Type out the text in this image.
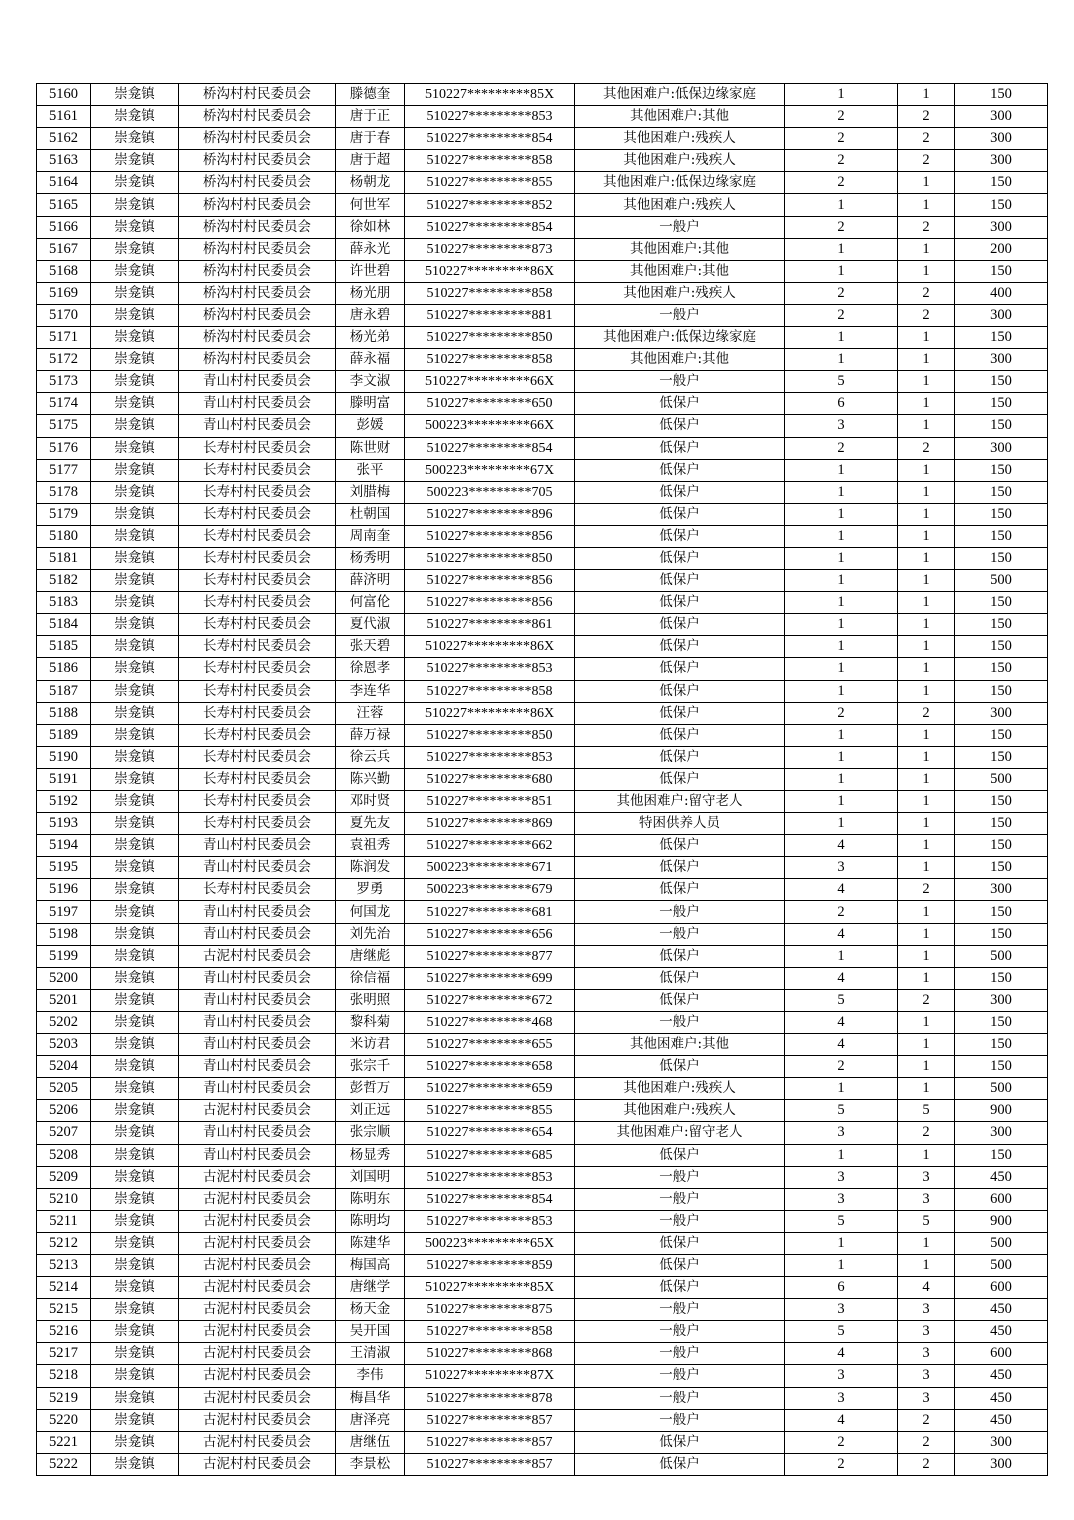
5160	崇龛镇	桥沟村村民委员会	滕德奎	510227*********85X	其他困难户:低保边缘家庭	1	1	150
5161	崇龛镇	桥沟村村民委员会	唐于正	510227*********853	其他困难户:其他	2	2	300
5162	崇龛镇	桥沟村村民委员会	唐于春	510227*********854	其他困难户:残疾人	2	2	300
5163	崇龛镇	桥沟村村民委员会	唐于超	510227*********858	其他困难户:残疾人	2	2	300
5164	崇龛镇	桥沟村村民委员会	杨朝龙	510227*********855	其他困难户:低保边缘家庭	2	1	150
5165	崇龛镇	桥沟村村民委员会	何世军	510227*********852	其他困难户:残疾人	1	1	150
5166	崇龛镇	桥沟村村民委员会	徐如林	510227*********854	一般户	2	2	300
5167	崇龛镇	桥沟村村民委员会	薛永光	510227*********873	其他困难户:其他	1	1	200
5168	崇龛镇	桥沟村村民委员会	许世碧	510227*********86X	其他困难户:其他	1	1	150
5169	崇龛镇	桥沟村村民委员会	杨光朋	510227*********858	其他困难户:残疾人	2	2	400
5170	崇龛镇	桥沟村村民委员会	唐永碧	510227*********881	一般户	2	2	300
5171	崇龛镇	桥沟村村民委员会	杨光弟	510227*********850	其他困难户:低保边缘家庭	1	1	150
5172	崇龛镇	桥沟村村民委员会	薛永福	510227*********858	其他困难户:其他	1	1	300
5173	崇龛镇	青山村村民委员会	李文淑	510227*********66X	一般户	5	1	150
5174	崇龛镇	青山村村民委员会	滕明富	510227*********650	低保户	6	1	150
5175	崇龛镇	青山村村民委员会	彭媛	500223*********66X	低保户	3	1	150
5176	崇龛镇	长寿村村民委员会	陈世财	510227*********854	低保户	2	2	300
5177	崇龛镇	长寿村村民委员会	张平	500223*********67X	低保户	1	1	150
5178	崇龛镇	长寿村村民委员会	刘腊梅	500223*********705	低保户	1	1	150
5179	崇龛镇	长寿村村民委员会	杜朝国	510227*********896	低保户	1	1	150
5180	崇龛镇	长寿村村民委员会	周南奎	510227*********856	低保户	1	1	150
5181	崇龛镇	长寿村村民委员会	杨秀明	510227*********850	低保户	1	1	150
5182	崇龛镇	长寿村村民委员会	薛济明	510227*********856	低保户	1	1	500
5183	崇龛镇	长寿村村民委员会	何富伦	510227*********856	低保户	1	1	150
5184	崇龛镇	长寿村村民委员会	夏代淑	510227*********861	低保户	1	1	150
5185	崇龛镇	长寿村村民委员会	张天碧	510227*********86X	低保户	1	1	150
5186	崇龛镇	长寿村村民委员会	徐恩孝	510227*********853	低保户	1	1	150
5187	崇龛镇	长寿村村民委员会	李连华	510227*********858	低保户	1	1	150
5188	崇龛镇	长寿村村民委员会	汪蓉	510227*********86X	低保户	2	2	300
5189	崇龛镇	长寿村村民委员会	薛万禄	510227*********850	低保户	1	1	150
5190	崇龛镇	长寿村村民委员会	徐云兵	510227*********853	低保户	1	1	150
5191	崇龛镇	长寿村村民委员会	陈兴勤	510227*********680	低保户	1	1	500
5192	崇龛镇	长寿村村民委员会	邓时贤	510227*********851	其他困难户:留守老人	1	1	150
5193	崇龛镇	长寿村村民委员会	夏先友	510227*********869	特困供养人员	1	1	150
5194	崇龛镇	青山村村民委员会	袁祖秀	510227*********662	低保户	4	1	150
5195	崇龛镇	青山村村民委员会	陈润发	500223*********671	低保户	3	1	150
5196	崇龛镇	长寿村村民委员会	罗勇	500223*********679	低保户	4	2	300
5197	崇龛镇	青山村村民委员会	何国龙	510227*********681	一般户	2	1	150
5198	崇龛镇	青山村村民委员会	刘先治	510227*********656	一般户	4	1	150
5199	崇龛镇	古泥村村民委员会	唐继彪	510227*********877	低保户	1	1	500
5200	崇龛镇	青山村村民委员会	徐信福	510227*********699	低保户	4	1	150
5201	崇龛镇	青山村村民委员会	张明照	510227*********672	低保户	5	2	300
5202	崇龛镇	青山村村民委员会	黎科菊	510227*********468	一般户	4	1	150
5203	崇龛镇	青山村村民委员会	米访君	510227*********655	其他困难户:其他	4	1	150
5204	崇龛镇	青山村村民委员会	张宗千	510227*********658	低保户	2	1	150
5205	崇龛镇	青山村村民委员会	彭哲万	510227*********659	其他困难户:残疾人	1	1	500
5206	崇龛镇	古泥村村民委员会	刘正远	510227*********855	其他困难户:残疾人	5	5	900
5207	崇龛镇	青山村村民委员会	张宗顺	510227*********654	其他困难户:留守老人	3	2	300
5208	崇龛镇	青山村村民委员会	杨显秀	510227*********685	低保户	1	1	150
5209	崇龛镇	古泥村村民委员会	刘国明	510227*********853	一般户	3	3	450
5210	崇龛镇	古泥村村民委员会	陈明东	510227*********854	一般户	3	3	600
5211	崇龛镇	古泥村村民委员会	陈明均	510227*********853	一般户	5	5	900
5212	崇龛镇	古泥村村民委员会	陈建华	500223*********65X	低保户	1	1	500
5213	崇龛镇	古泥村村民委员会	梅国高	510227*********859	低保户	1	1	500
5214	崇龛镇	古泥村村民委员会	唐继学	510227*********85X	低保户	6	4	600
5215	崇龛镇	古泥村村民委员会	杨天金	510227*********875	一般户	3	3	450
5216	崇龛镇	古泥村村民委员会	吴开国	510227*********858	一般户	5	3	450
5217	崇龛镇	古泥村村民委员会	王清淑	510227*********868	一般户	4	3	600
5218	崇龛镇	古泥村村民委员会	李伟	510227*********87X	一般户	3	3	450
5219	崇龛镇	古泥村村民委员会	梅昌华	510227*********878	一般户	3	3	450
5220	崇龛镇	古泥村村民委员会	唐泽亮	510227*********857	一般户	4	2	450
5221	崇龛镇	古泥村村民委员会	唐继伍	510227*********857	低保户	2	2	300
5222	崇龛镇	古泥村村民委员会	李景松	510227*********857	低保户	2	2	300
